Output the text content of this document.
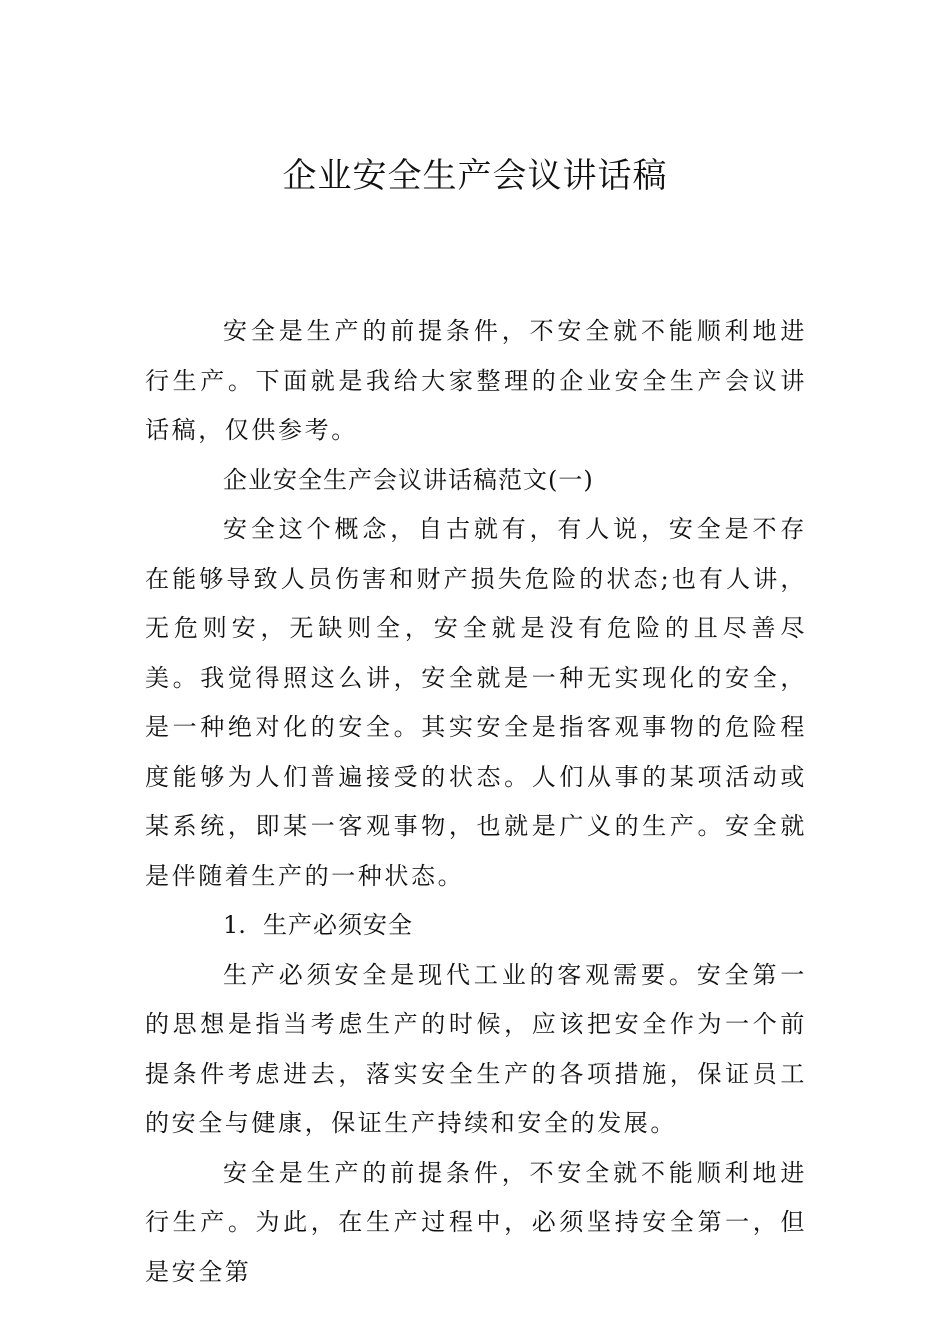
企业安全生产会议讲话稿

安全是生产的前提条件，不安全就不能顺利地进行生产。下面就是我给大家整理的企业安全生产会议讲话稿，仅供参考。

企业安全生产会议讲话稿范文(一)

安全这个概念，自古就有，有人说，安全是不存在能够导致人员伤害和财产损失危险的状态;也有人讲，无危则安，无缺则全，安全就是没有危险的且尽善尽美。我觉得照这么讲，安全就是一种无实现化的安全，是一种绝对化的安全。其实安全是指客观事物的危险程度能够为人们普遍接受的状态。人们从事的某项活动或某系统，即某一客观事物，也就是广义的生产。安全就是伴随着生产的一种状态。

1. 生产必须安全

生产必须安全是现代工业的客观需要。安全第一的思想是指当考虑生产的时候，应该把安全作为一个前提条件考虑进去，落实安全生产的各项措施，保证员工的安全与健康，保证生产持续和安全的发展。

安全是生产的前提条件，不安全就不能顺利地进行生产。为此，在生产过程中，必须坚持安全第一，但是安全第
